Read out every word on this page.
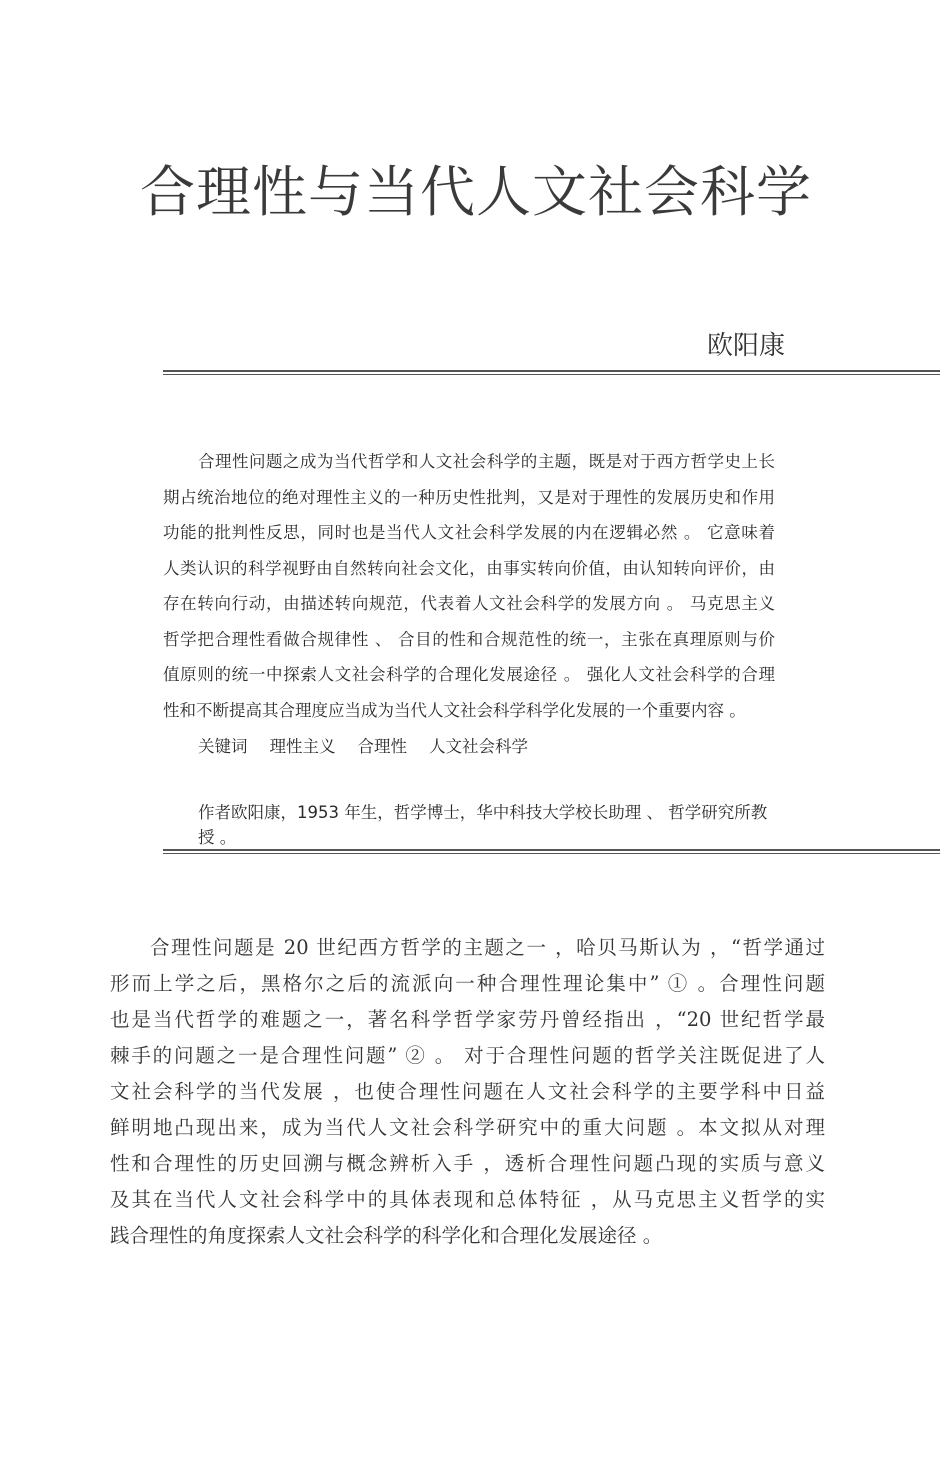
合理性与当代人文社会科学
欧阳康
合理性问题之成为当代哲学和人文社会科学的主题，既是对于西方哲学史上长
期占统治地位的绝对理性主义的一种历史性批判，又是对于理性的发展历史和作用
功能的批判性反思，同时也是当代人文社会科学发展的内在逻辑必然 。 它意味着
人类认识的科学视野由自然转向社会文化，由事实转向价值，由认知转向评价，由
存在转向行动，由描述转向规范，代表着人文社会科学的发展方向 。 马克思主义
哲学把合理性看做合规律性 、 合目的性和合规范性的统一，主张在真理原则与价
值原则的统一中探索人文社会科学的合理化发展途径 。 强化人文社会科学的合理
性和不断提高其合理度应当成为当代人文社会科学科学化发展的一个重要内容 。
关键词 理性主义 合理性 人文社会科学
作者欧阳康，1953 年生，哲学博士，华中科技大学校长助理 、 哲学研究所教授 。
合理性问题是 20 世纪西方哲学的主题之一 ，哈贝马斯认为 ，“哲学通过
形而上学之后，黑格尔之后的流派向一种合理性理论集中” ① 。合理性问题
也是当代哲学的难题之一，著名科学哲学家劳丹曾经指出 ，“20 世纪哲学最
棘手的问题之一是合理性问题” ② 。 对于合理性问题的哲学关注既促进了人
文社会科学的当代发展 ，也使合理性问题在人文社会科学的主要学科中日益
鲜明地凸现出来，成为当代人文社会科学研究中的重大问题 。本文拟从对理
性和合理性的历史回溯与概念辨析入手 ，透析合理性问题凸现的实质与意义
及其在当代人文社会科学中的具体表现和总体特征 ，从马克思主义哲学的实
践合理性的角度探索人文社会科学的科学化和合理化发展途径 。
